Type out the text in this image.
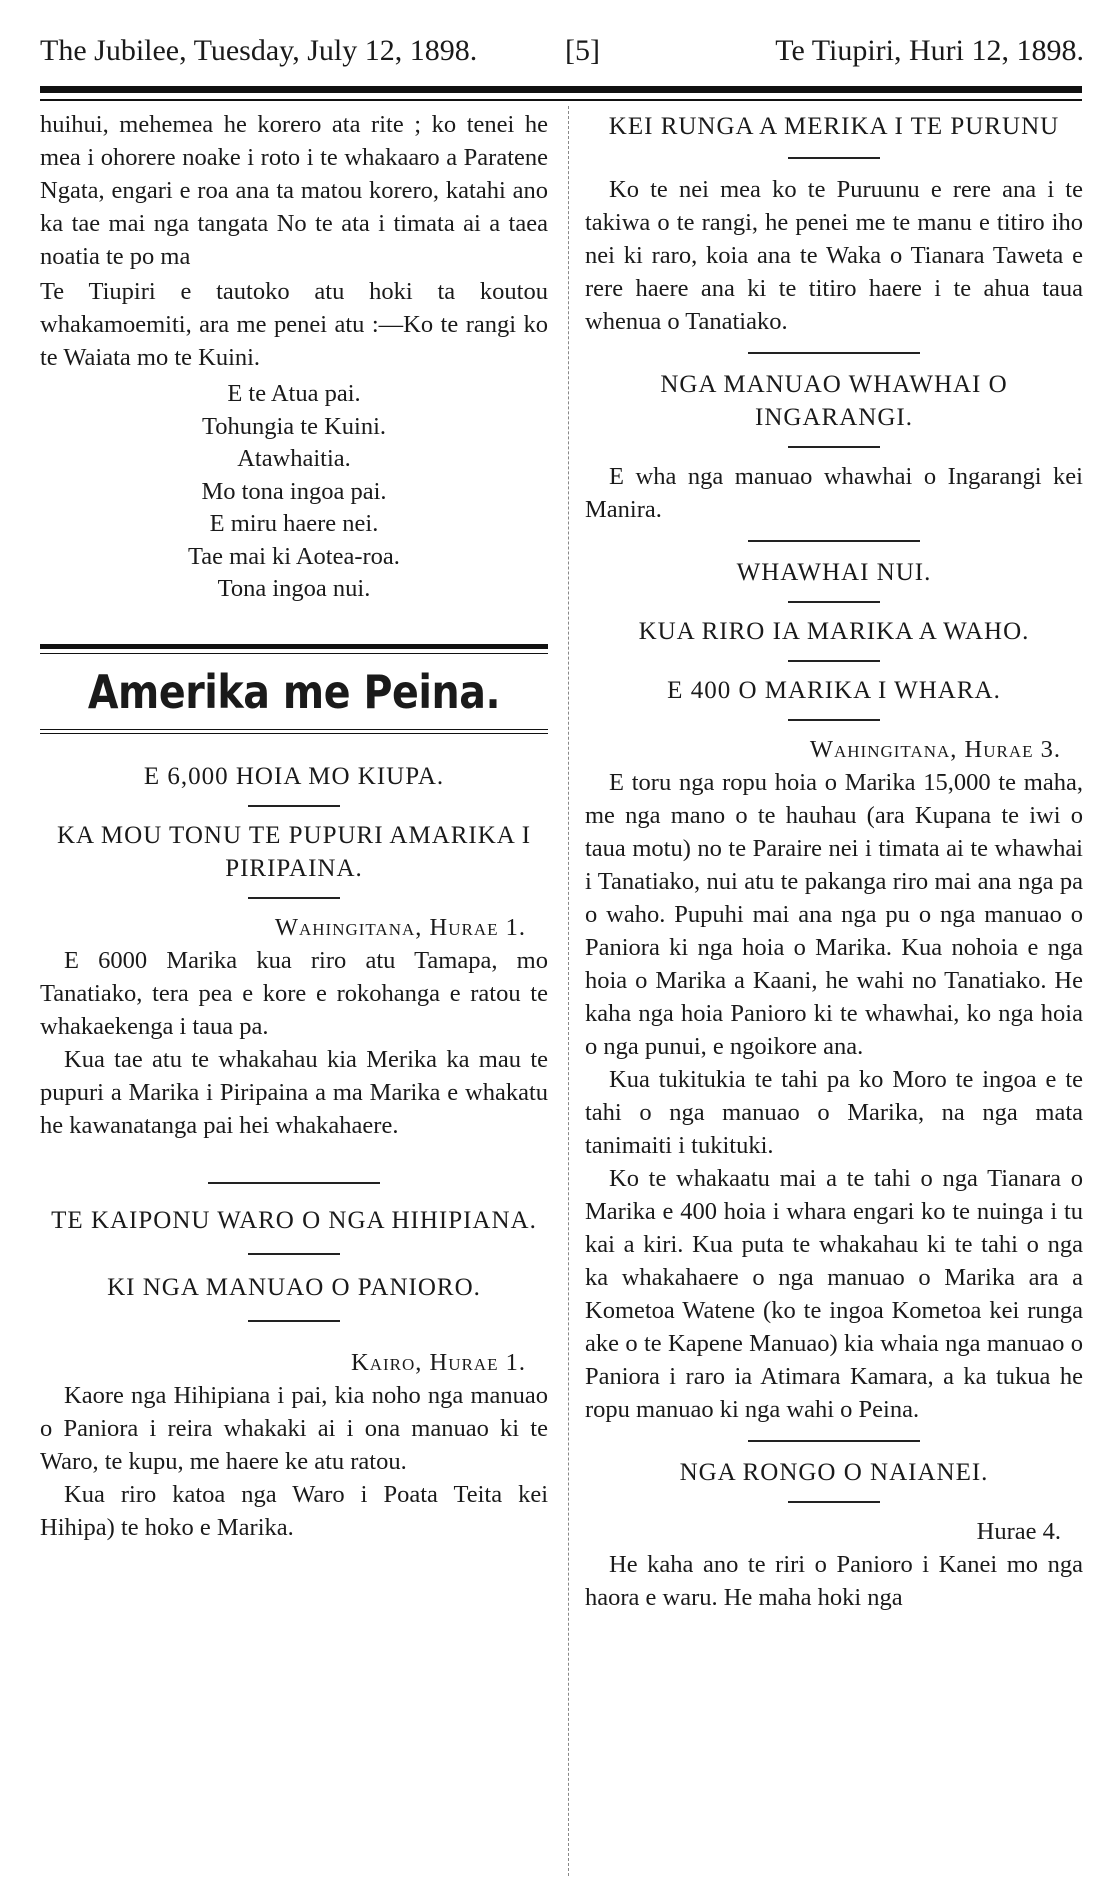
The Jubilee, Tuesday, July 12, 1898.	[5]	Te Tiupiri, Huri 12, 1898.

huihui, mehemea he korero ata rite ; ko tenei he mea i ohorere noake i roto i te whakaaro a Paratene Ngata, engari e roa ana ta matou korero, katahi ano ka tae mai nga tangata No te ata i timata ai a taea noatia te po ma

Te Tiupiri e tautoko atu hoki ta koutou whakamoemiti, ara me penei atu :—Ko te rangi ko te Waiata mo te Kuini.

E te Atua pai.
Tohungia te Kuini.
Atawhaitia.
Mo tona ingoa pai.
E miru haere nei.
Tae mai ki Aotea-roa.
Tona ingoa nui.
Amerika me Peina.
E 6,000 HOIA MO KIUPA.
KA MOU TONU TE PUPURI AMARIKA I PIRIPAINA.
Wahingitana, Hurae 1.

E 6000 Marika kua riro atu Tamapa, mo Tanatiako, tera pea e kore e rokohanga e ratou te whakaekenga i taua pa.

Kua tae atu te whakahau kia Merika ka mau te pupuri a Marika i Piripaina a ma Marika e whakatu he kawanatanga pai hei whakahaere.

TE KAIPONU WARO O NGA HIHIPIANA.
KI NGA MANUAO O PANIORO.
Kairo, Hurae 1.

Kaore nga Hihipiana i pai, kia noho nga manuao o Paniora i reira whakaki ai i ona manuao ki te Waro, te kupu, me haere ke atu ratou.

Kua riro katoa nga Waro i Poata Teita kei Hihipa) te hoko e Marika.

KEI RUNGA A MERIKA I TE PURUNU

Ko te nei mea ko te Puruunu e rere ana i te takiwa o te rangi, he penei me te manu e titiro iho nei ki raro, koia ana te Waka o Tianara Taweta e rere haere ana ki te titiro haere i te ahua taua whenua o Tanatiako.

NGA MANUAO WHAWHAI O INGARANGI.

E wha nga manuao whawhai o Ingarangi kei Manira.

WHAWHAI NUI.
KUA RIRO IA MARIKA A WAHO.
E 400 O MARIKA I WHARA.
Wahingitana, Hurae 3.

E toru nga ropu hoia o Marika 15,000 te maha, me nga mano o te hauhau (ara Kupana te iwi o taua motu) no te Paraire nei i timata ai te whawhai i Tanatiako, nui atu te pakanga riro mai ana nga pa o waho. Pupuhi mai ana nga pu o nga manuao o Paniora ki nga hoia o Marika. Kua nohoia e nga hoia o Marika a Kaani, he wahi no Tanatiako. He kaha nga hoia Panioro ki te whawhai, ko nga hoia o nga punui, e ngoikore ana.

Kua tukitukia te tahi pa ko Moro te ingoa e te tahi o nga manuao o Marika, na nga mata tanimaiti i tukituki.

Ko te whakaatu mai a te tahi o nga Tianara o Marika e 400 hoia i whara engari ko te nuinga i tu kai a kiri. Kua puta te whakahau ki te tahi o nga ka whakahaere o nga manuao o Marika ara a Kometoa Watene (ko te ingoa Kometoa kei runga ake o te Kapene Manuao) kia whaia nga manuao o Paniora i raro ia Atimara Kamara, a ka tukua he ropu manuao ki nga wahi o Peina.

NGA RONGO O NAIANEI.
Hurae 4.

He kaha ano te riri o Panioro i Kanei mo nga haora e waru. He maha hoki nga
